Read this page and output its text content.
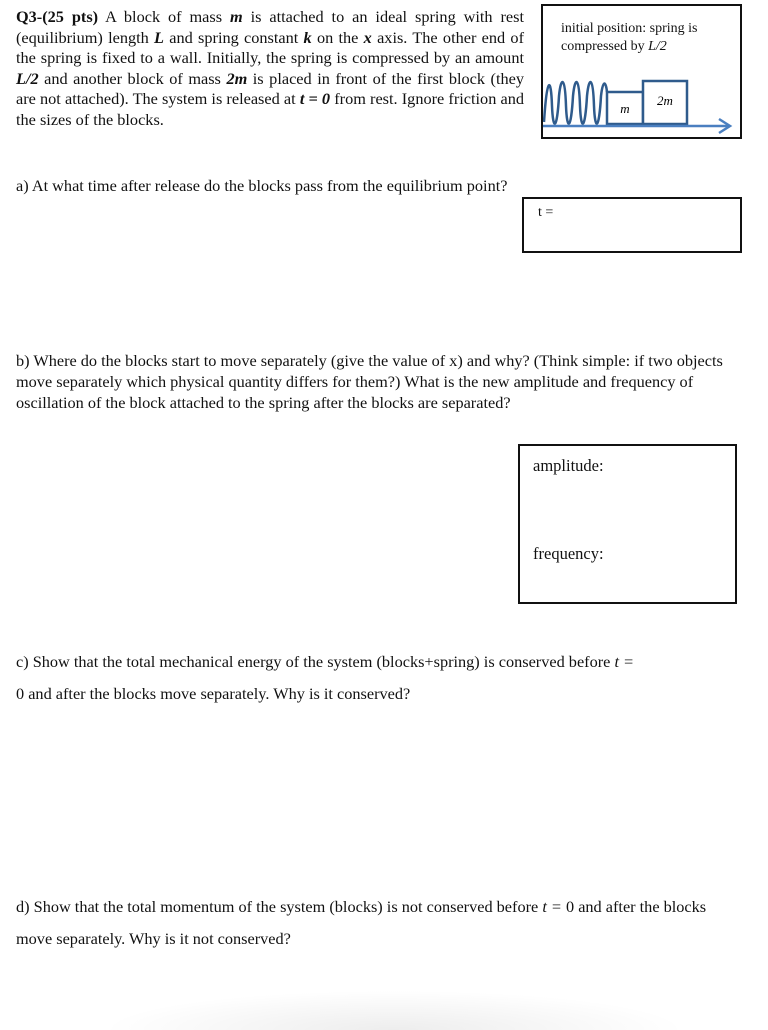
Q3-(25 pts) A block of mass m is attached to an ideal spring with rest (equilibrium) length L and spring constant k on the x axis. The other end of the spring is fixed to a wall. Initially, the spring is compressed by an amount L/2 and another block of mass 2m is placed in front of the first block (they are not attached). The system is released at t = 0 from rest. Ignore friction and the sizes of the blocks.
initial position: spring is
compressed by L/2
m
2m
a) At what time after release do the blocks pass from the equilibrium point?
t =
b) Where do the blocks start to move separately (give the value of x) and why? (Think simple: if two objects move separately which physical quantity differs for them?) What is the new amplitude and frequency of oscillation of the block attached to the spring after the blocks are separated?
amplitude:
frequency:
c) Show that the total mechanical energy of the system (blocks+spring) is conserved before t =
0 and after the blocks move separately. Why is it conserved?
d) Show that the total momentum of the system (blocks) is not conserved before t = 0 and after the blocks move separately. Why is it not conserved?
